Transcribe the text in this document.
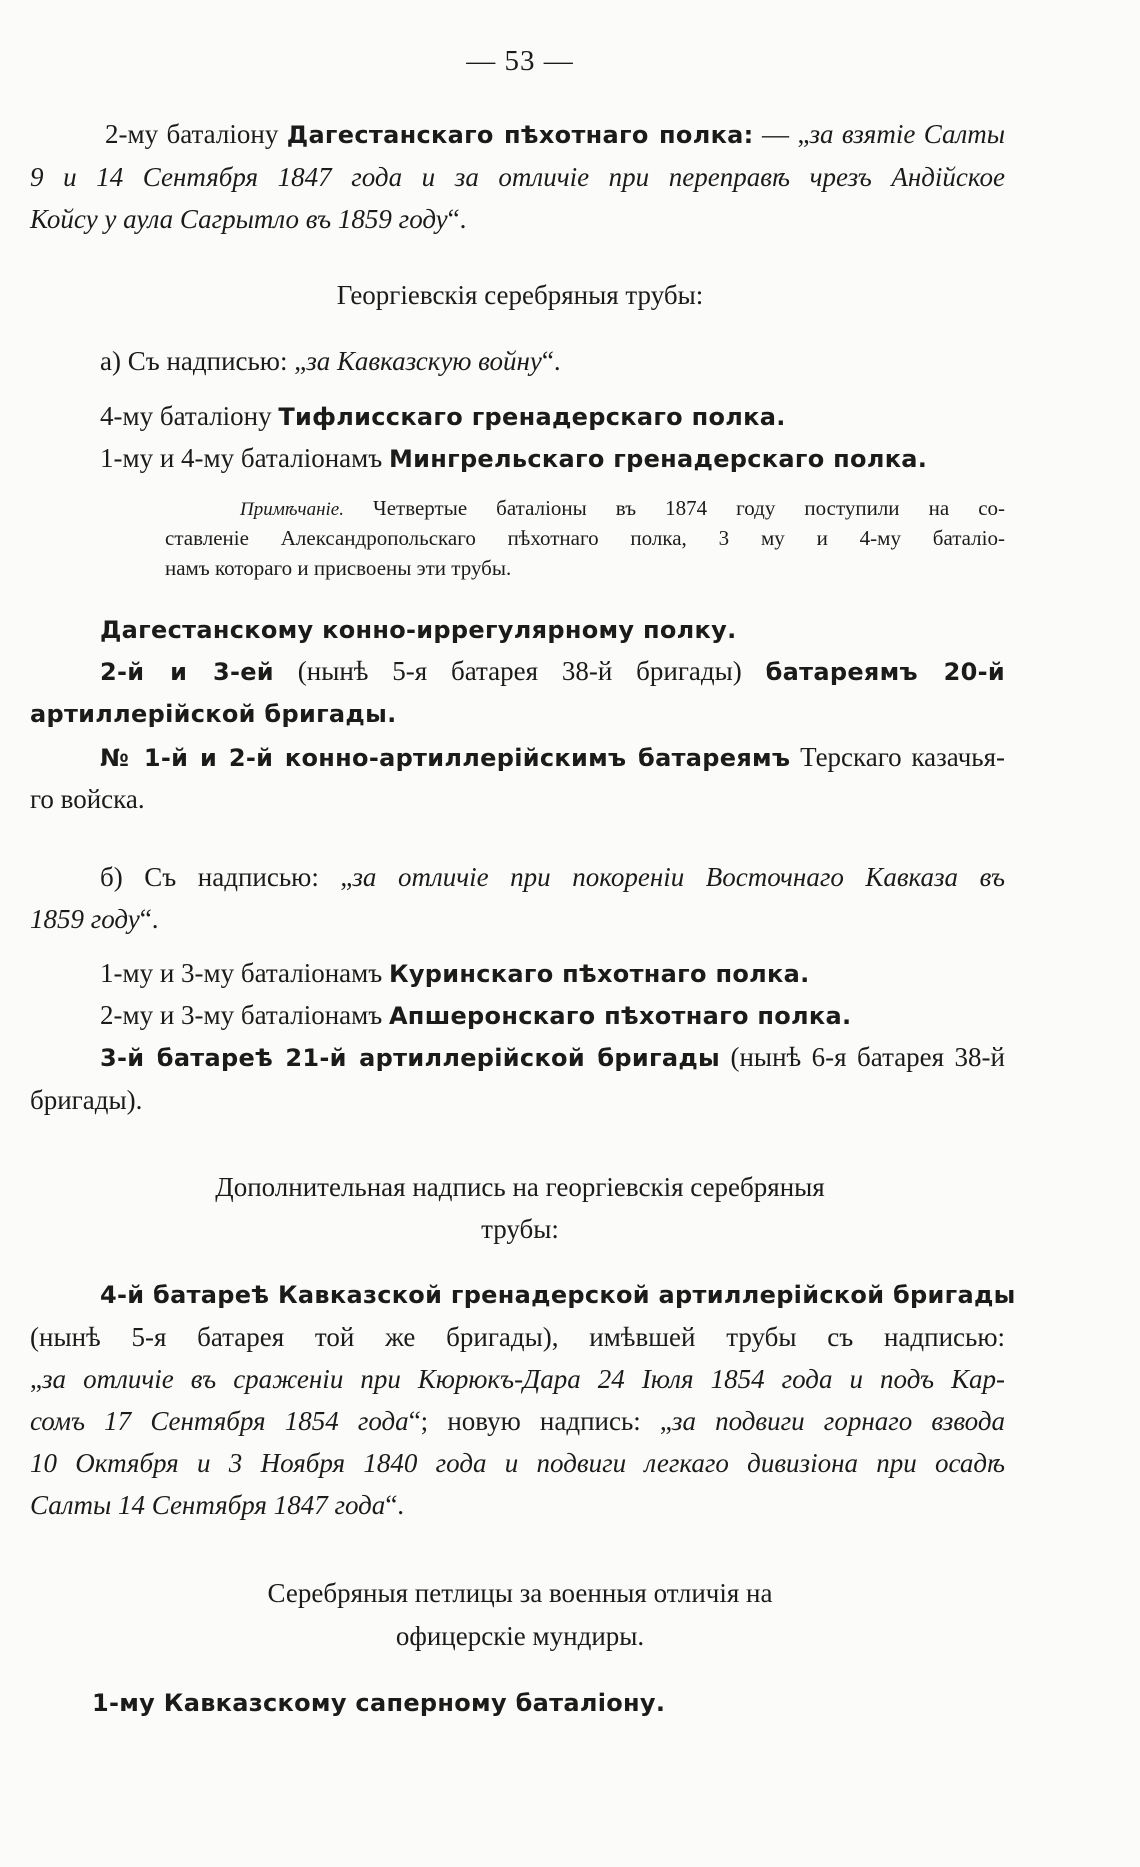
— 53 —
2-му баталіону Дагестанскаго пѣхотнаго полка: — „за взятіе Салты
9 и 14 Сентября 1847 года и за отличіе при переправѣ чрезъ Андійское
Койсу у аула Сагрытло въ 1859 году“.
Георгіевскія серебряныя трубы:
а) Съ надписью: „за Кавказскую войну“.
4-му баталіону Тифлисскаго гренадерскаго полка.
1-му и 4-му баталіонамъ Мингрельскаго гренадерскаго полка.
Примѣчаніе. Четвертые баталіоны въ 1874 году поступили на со-
ставленіе Александропольскаго пѣхотнаго полка, 3 му и 4-му баталіо-
намъ котораго и присвоены эти трубы.
Дагестанскому конно-иррегулярному полку.
2-й и 3-ей (нынѣ 5-я батарея 38-й бригады) батареямъ 20-й
артиллерійской бригады.
№ 1-й и 2-й конно-артиллерійскимъ батареямъ Терскаго казачья-
го войска.
б) Съ надписью: „за отличіе при покореніи Восточнаго Кавказа въ
1859 году“.
1-му и 3-му баталіонамъ Куринскаго пѣхотнаго полка.
2-му и 3-му баталіонамъ Апшеронскаго пѣхотнаго полка.
3-й батареѣ 21-й артиллерійской бригады (нынѣ 6-я батарея 38-й
бригады).
Дополнительная надпись на георгіевскія серебряныя
трубы:
4-й батареѣ Кавказской гренадерской артиллерійской бригады
(нынѣ 5-я батарея той же бригады), имѣвшей трубы съ надписью:
„за отличіе въ сраженіи при Кюрюкъ-Дара 24 Іюля 1854 года и подъ Кар-
сомъ 17 Сентября 1854 года“; новую надпись: „за подвиги горнаго взвода
10 Октября и 3 Ноября 1840 года и подвиги легкаго дивизіона при осадѣ
Салты 14 Сентября 1847 года“.
Серебряныя петлицы за военныя отличія на
офицерскіе мундиры.
1-му Кавказскому саперному баталіону.
